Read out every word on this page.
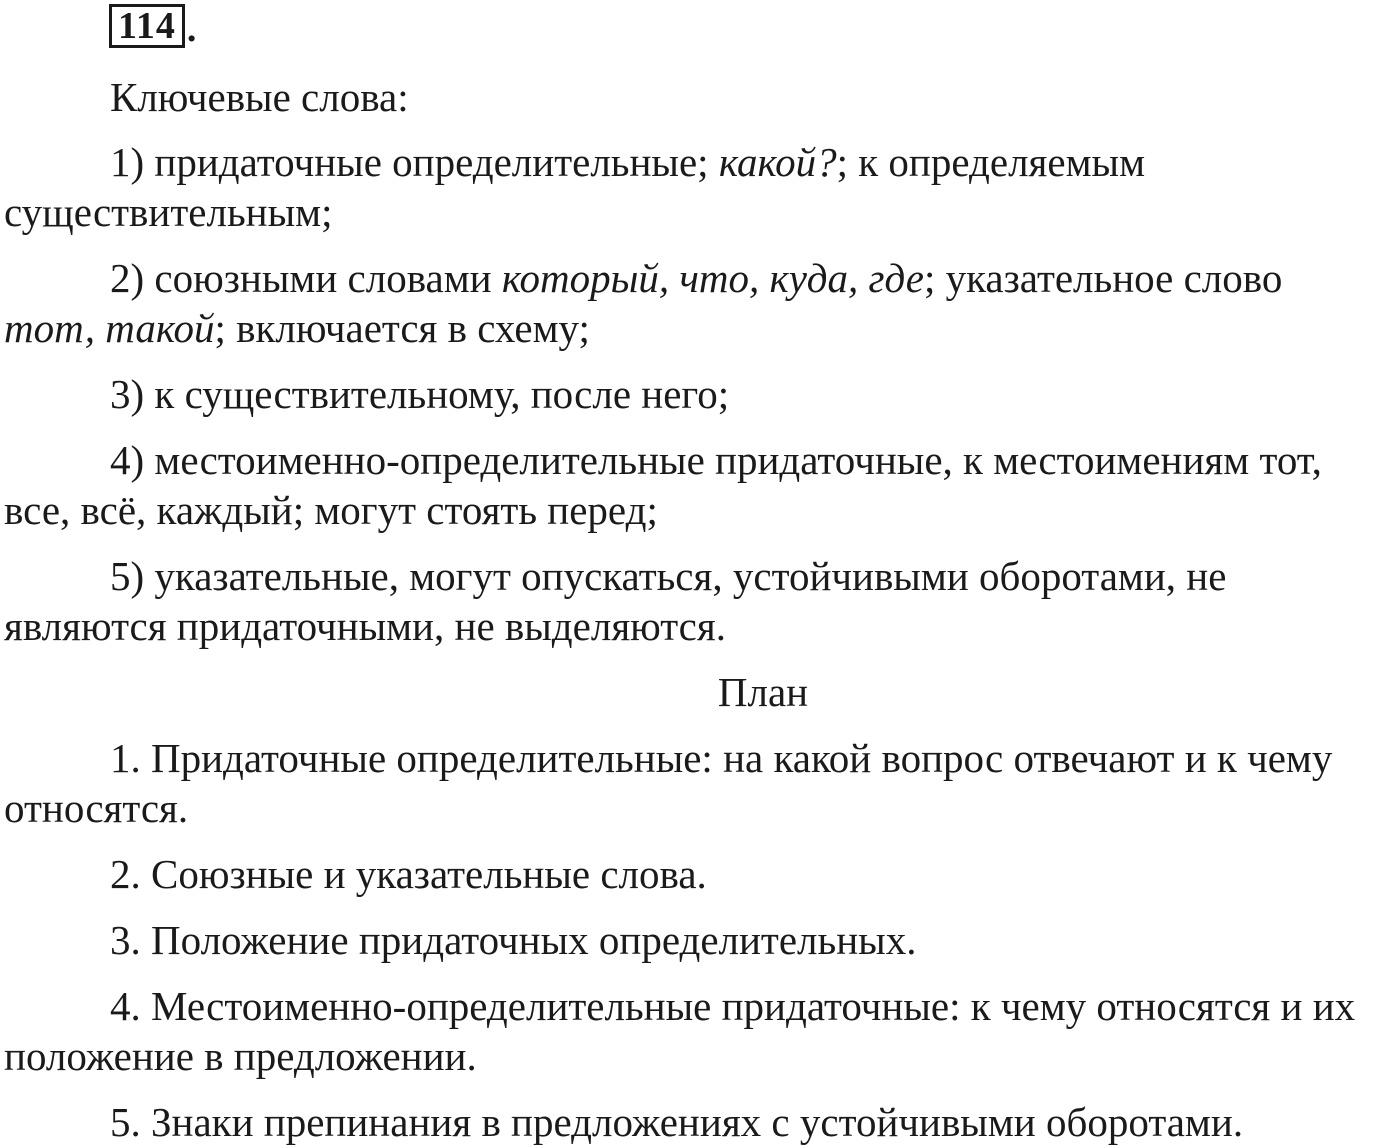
114 .

Ключевые слова:

1) придаточные определительные; какой?; к определяемым

существительным;

2) союзными словами который, что, куда, где; указательное слово

тот, такой; включается в схему;

3) к существительному, после него;

4) местоименно-определительные придаточные, к местоимениям тот,

все, всё, каждый; могут стоять перед;

5) указательные, могут опускаться, устойчивыми оборотами, не

являются придаточными, не выделяются.

План

1. Придаточные определительные: на какой вопрос отвечают и к чему

относятся.

2. Союзные и указательные слова.

3. Положение придаточных определительных.

4. Местоименно-определительные придаточные: к чему относятся и их

положение в предложении.

5. Знаки препинания в предложениях с устойчивыми оборотами.
